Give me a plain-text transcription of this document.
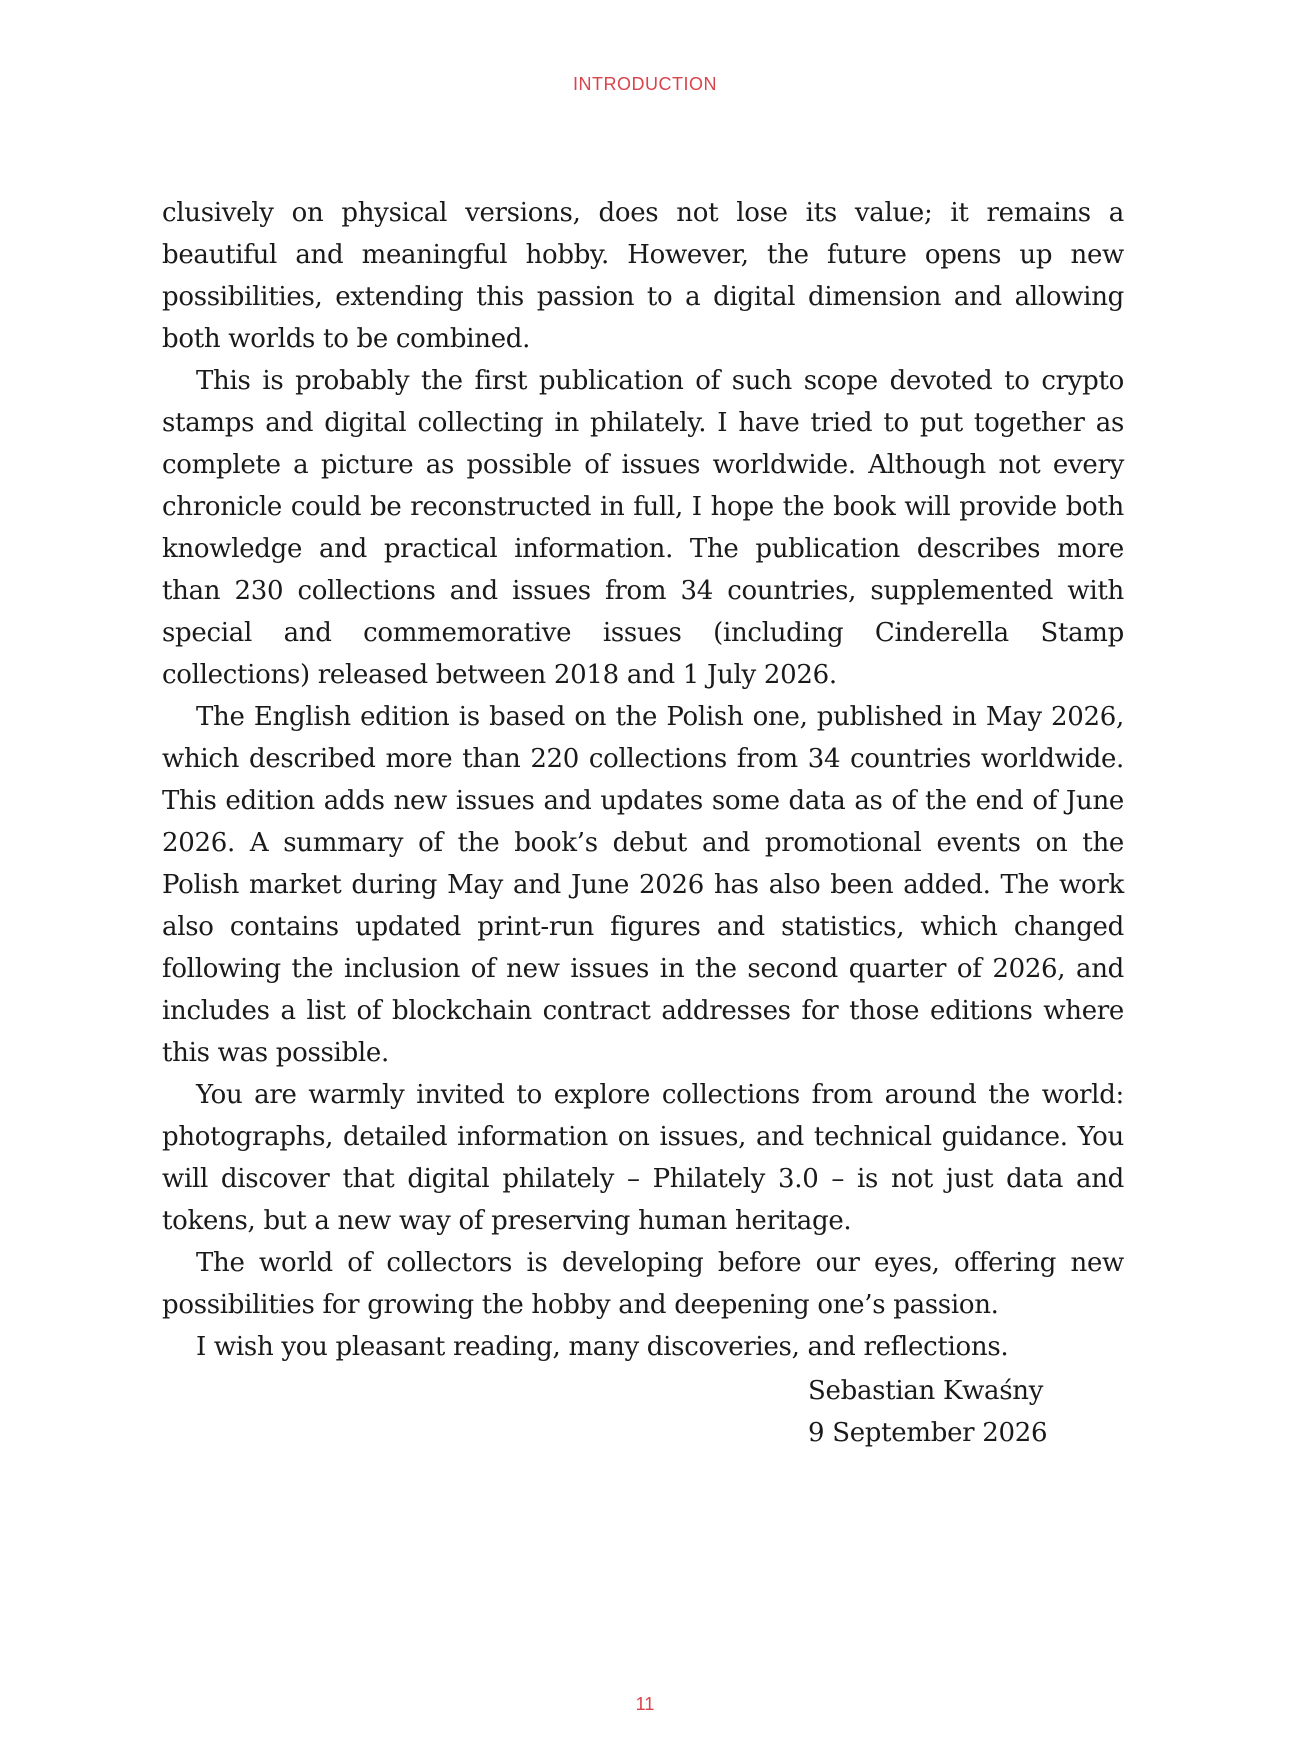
INTRODUCTION

clusively on physical versions, does not lose its value; it remains a beautiful and meaningful hobby. However, the future opens up new possibilities, extending this passion to a digital dimension and allowing both worlds to be combined.

This is probably the first publication of such scope devoted to crypto stamps and digital collecting in philately. I have tried to put together as complete a picture as possible of issues worldwide. Although not every chronicle could be reconstructed in full, I hope the book will provide both knowledge and practical information. The publication describes more than 230 collections and issues from 34 countries, supplemented with special and commemorative issues (including Cinderella Stamp collections) released between 2018 and 1 July 2026.

The English edition is based on the Polish one, published in May 2026, which described more than 220 collections from 34 countries worldwide. This edition adds new issues and updates some data as of the end of June 2026. A summary of the book’s debut and promotional events on the Polish market during May and June 2026 has also been added. The work also contains updated print-run figures and statistics, which changed following the inclusion of new issues in the second quarter of 2026, and includes a list of blockchain contract addresses for those editions where this was possible.

You are warmly invited to explore collections from around the world: photographs, detailed information on issues, and technical guidance. You will discover that digital philately – Philately 3.0 – is not just data and tokens, but a new way of preserving human heritage.

The world of collectors is developing before our eyes, offering new possibilities for growing the hobby and deepening one’s passion.

I wish you pleasant reading, many discoveries, and reflections.

Sebastian Kwaśny
9 September 2026
11
